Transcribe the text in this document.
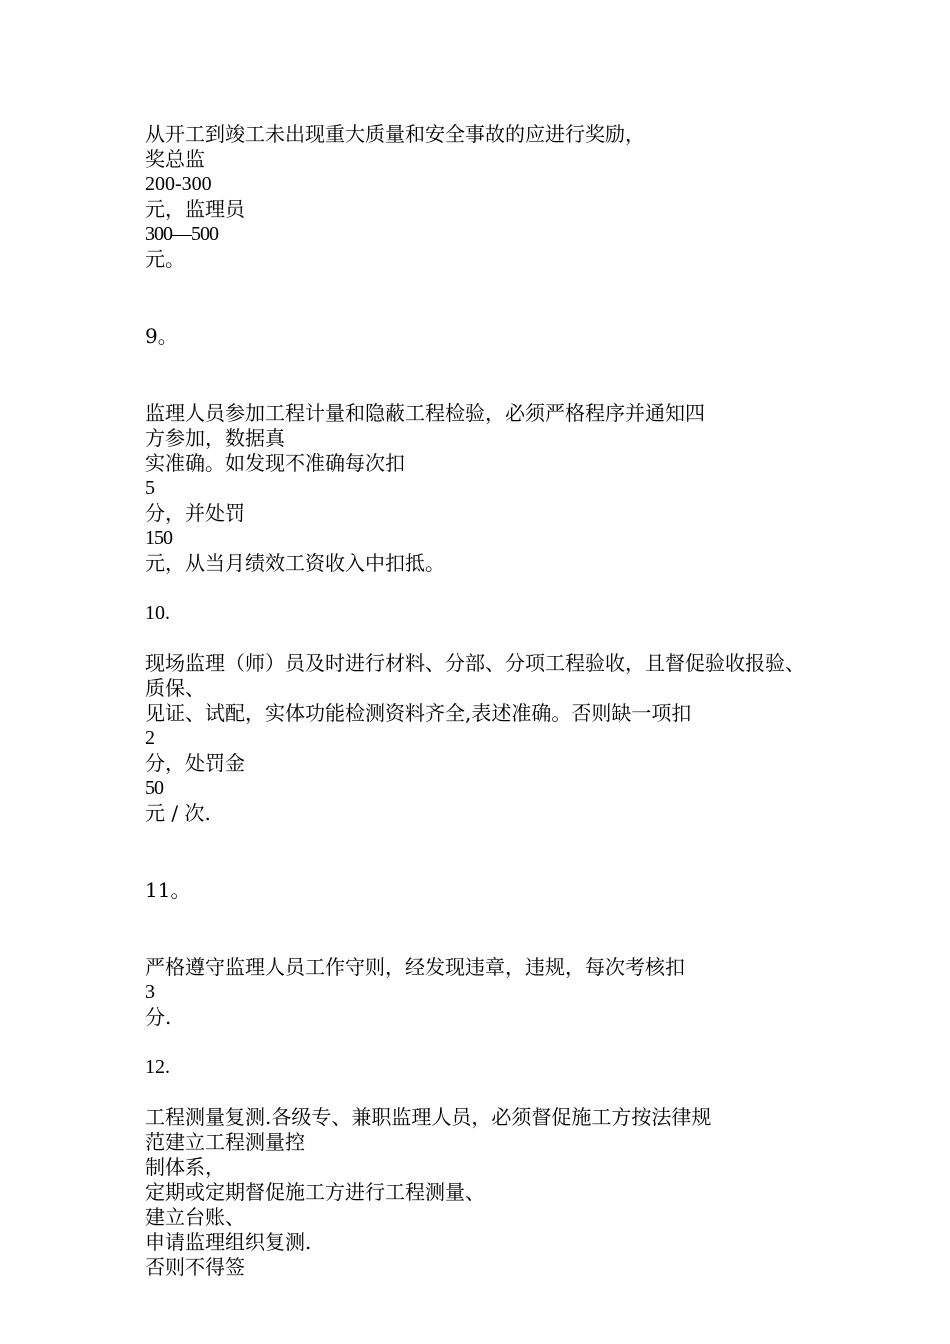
从开工到竣工未出现重大质量和安全事故的应进行奖励，
奖总监
200-300
元，监理员
300—500
元。
9。
监理人员参加工程计量和隐蔽工程检验，必须严格程序并通知四
方参加，数据真
实准确。如发现不准确每次扣
5
分，并处罚
150
元，从当月绩效工资收入中扣抵。
10.
现场监理（师）员及时进行材料、分部、分项工程验收，且督促验收报验、
质保、
见证、试配，实体功能检测资料齐全,表述准确。否则缺一项扣
2
分，处罚金
50
元 / 次.
11。
严格遵守监理人员工作守则，经发现违章，违规，每次考核扣
3
分.
12.
工程测量复测.各级专、兼职监理人员，必须督促施工方按法律规
范建立工程测量控
制体系，
定期或定期督促施工方进行工程测量、
建立台账、
申请监理组织复测.
否则不得签
